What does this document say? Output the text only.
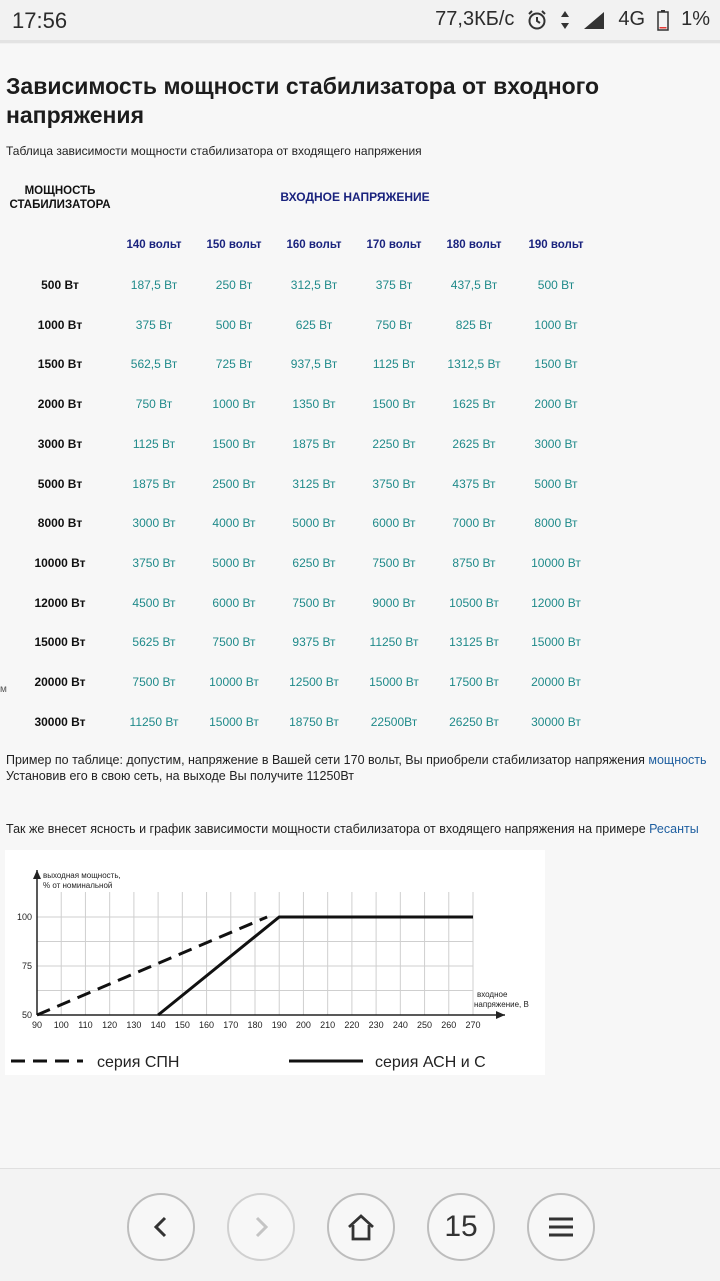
17:56	77,3КБ/с	4G 1%
Зависимость мощности стабилизатора от входного напряжения
Таблица зависимости мощности стабилизатора от входящего напряжения
МОЩНОСТЬ СТАБИЛИЗАТОРА
ВХОДНОЕ НАПРЯЖЕНИЕ
140 вольт	150 вольт	160 вольт	170 вольт	180 вольт	190 вольт
500 Вт	187,5 Вт	250 Вт	312,5 Вт	375 Вт	437,5 Вт	500 Вт
1000 Вт	375 Вт	500 Вт	625 Вт	750 Вт	825 Вт	1000 Вт
1500 Вт	562,5 Вт	725 Вт	937,5 Вт	1125 Вт	1312,5 Вт	1500 Вт
2000 Вт	750 Вт	1000 Вт	1350 Вт	1500 Вт	1625 Вт	2000 Вт
3000 Вт	1125 Вт	1500 Вт	1875 Вт	2250 Вт	2625 Вт	3000 Вт
5000 Вт	1875 Вт	2500 Вт	3125 Вт	3750 Вт	4375 Вт	5000 Вт
8000 Вт	3000 Вт	4000 Вт	5000 Вт	6000 Вт	7000 Вт	8000 Вт
10000 Вт	3750 Вт	5000 Вт	6250 Вт	7500 Вт	8750 Вт	10000 Вт
12000 Вт	4500 Вт	6000 Вт	7500 Вт	9000 Вт	10500 Вт	12000 Вт
15000 Вт	5625 Вт	7500 Вт	9375 Вт	11250 Вт	13125 Вт	15000 Вт
20000 Вт	7500 Вт	10000 Вт	12500 Вт	15000 Вт	17500 Вт	20000 Вт
30000 Вт	11250 Вт	15000 Вт	18750 Вт	22500Вт	26250 Вт	30000 Вт
м
Пример по таблице: допустим, напряжение в Вашей сети 170 вольт, Вы приобрели стабилизатор напряжения мощность
Установив его в свою сеть, на выходе Вы получите 11250Вт
Так же внесет ясность и график зависимости мощности стабилизатора от входящего напряжения на примере Ресанты
90 100 110 120 130 140 150 160 170 180 190 200 210 220 230 240 250 260 270
50
75
100
выходная мощность,
% от номинальной
входное
напряжение, В
серия СПН	серия АСН и С
15
